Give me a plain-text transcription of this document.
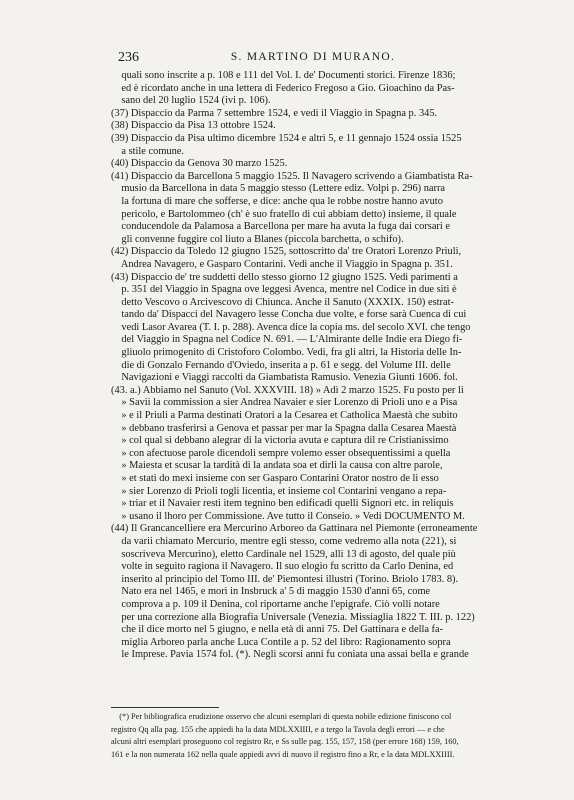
236	S. MARTINO DI MURANO.
quali sono inscrite a p. 108 e 111 del Vol. I. de' Documenti storici. Firenze 1836;
ed è ricordato anche in una lettera di Federico Fregoso a Gio. Gioachino da Pas-
sano del 20 luglio 1524 (ivi p. 106).
(37) Dispaccio da Parma 7 settembre 1524, e vedi il Viaggio in Spagna p. 345.
(38) Dispaccio da Pisa 13 ottobre 1524.
(39) Dispaccio da Pisa ultimo dicembre 1524 e altri 5, e 11 gennajo 1524 ossia 1525
a stile comune.
(40) Dispaccio da Genova 30 marzo 1525.
(41) Dispaccio da Barcellona 5 maggio 1525. Il Navagero scrivendo a Giambatista Ra-
musio da Barcellona in data 5 maggio stesso (Lettere ediz. Volpi p. 296) narra
la fortuna di mare che sofferse, e dice: anche qua le robbe nostre hanno avuto
pericolo, e Bartolommeo (ch' è suo fratello di cui abbiam detto) insieme, il quale
conducendole da Palamosa a Barcellona per mare ha avuta la fuga dai corsari e
gli convenne fuggire col liuto a Blanes (piccola barchetta, o schifo).
(42) Dispaccio da Toledo 12 giugno 1525, sottoscritto da' tre Oratori Lorenzo Priuli,
Andrea Navagero, e Gasparo Contarini. Vedi anche il Viaggio in Spagna p. 351.
(43) Dispaccio de' tre suddetti dello stesso giorno 12 giugno 1525. Vedi parimenti a
p. 351 del Viaggio in Spagna ove leggesi Avenca, mentre nel Codice in due siti è
detto Vescovo o Arcivescovo di Chiunca. Anche il Sanuto (XXXIX. 150) estrat-
tando da' Dispacci del Navagero lesse Concha due volte, e forse sarà Cuenca di cui
vedi Lasor Avarea (T. I. p. 288). Avenca dice la copia ms. del secolo XVI. che tengo
del Viaggio in Spagna nel Codice N. 691. — L'Almirante delle Indie era Diego fi-
gliuolo primogenito di Cristoforo Colombo. Vedi, fra gli altri, la Historia delle In-
die di Gonzalo Fernando d'Oviedo, inserita a p. 61 e segg. del Volume III. delle
Navigazioni e Viaggi raccolti da Giambatista Ramusio. Venezia Giunti 1606. fol.
(43. a.) Abbiamo nel Sanuto (Vol. XXXVIII. 18) » Adì 2 marzo 1525. Fu posto per li
» Savii la commission a sier Andrea Navaier e sier Lorenzo di Prioli uno e a Pisa
» e il Priuli a Parma destinati Oratori a la Cesarea et Catholica Maestà che subito
» debbano trasferirsi a Genova et passar per mar la Spagna dalla Cesarea Maestà
» col qual si debbano alegrar di la victoria avuta e captura dil re Cristianissimo
» con afectuose parole dicendoli sempre volemo esser obsequentissimi a quella
» Maiesta et scusar la tardità di la andata soa et dirli la causa con altre parole,
» et stati do mexi insieme con ser Gasparo Contarini Orator nostro de li esso
» sier Lorenzo di Prioli togli licentia, et insieme col Contarini vengano a repa-
» triar et il Navaier resti item tegnino ben edificadi quelli Signori etc. in reliquis
» usano il lhoro per Commissione. Ave tutto il Conseio. » Vedi DOCUMENTO M.
(44) Il Grancancelliere era Mercurino Arboreo da Gattinara nel Piemonte (erroneamente
da varii chiamato Mercurio, mentre egli stesso, come vedremo alla nota (221), si
soscriveva Mercurino), eletto Cardinale nel 1529, alli 13 di agosto, del quale più
volte in seguito ragiona il Navagero. Il suo elogio fu scritto da Carlo Denina, ed
inserito al principio del Tomo III. de' Piemontesi illustri (Torino. Briolo 1783. 8).
Nato era nel 1465, e morì in Insbruck a' 5 di maggio 1530 d'anni 65, come
comprova a p. 109 il Denina, col riportarne anche l'epigrafe. Ciò volli notare
per una correzione alla Biografia Universale (Venezia. Missiaglia 1822 T. III. p. 122)
che il dice morto nel 5 giugno, e nella età di anni 75. Del Gattinara e della fa-
miglia Arboreo parla anche Luca Contile a p. 52 del libro: Ragionamento sopra
le Imprese. Pavia 1574 fol. (*). Negli scorsi anni fu coniata una assai bella e grande
(*) Per bibliografica erudizione osservo che alcuni esemplari di questa nobile edizione finiscono col
registro Qq alla pag. 155 che appiedi ha la data MDLXXIIII, e a tergo la Tavola degli errori — e che
alcuni altri esemplari proseguono col registro Rr, e Ss sulle pag. 155, 157, 158 (per errore 168) 159, 160,
161 e la non numerata 162 nella quale appiedi avvi di nuovo il registro fino a Rr, e la data MDLXXIIII.
